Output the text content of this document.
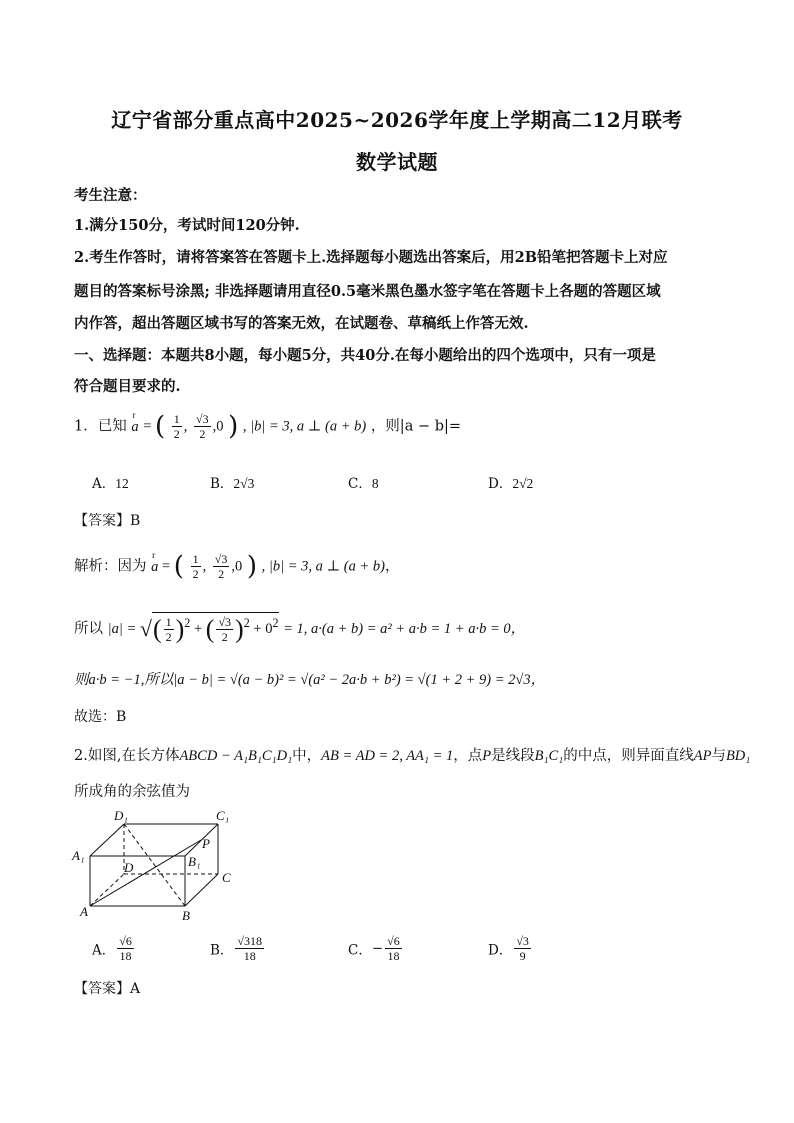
辽宁省部分重点高中2025~2026学年度上学期高二12月联考
数学试题
考生注意：
1.满分150分，考试时间120分钟.
2.考生作答时，请将答案答在答题卡上.选择题每小题选出答案后，用2B铅笔把答题卡上对应
题目的答案标号涂黑; 非选择题请用直径0.5毫米黑色墨水签字笔在答题卡上各题的答题区域
内作答，超出答题区域书写的答案无效，在试题卷、草稿纸上作答无效.
一、选择题：本题共8小题，每小题5分，共40分.在每小题给出的四个选项中，只有一项是
符合题目要求的.
1．已知 r a = ( $\frac{1}{2}$ , $\frac{√3}{2} ,0$ ) , |b| = 3, a ⊥ (a + b) ，则|a − b|=
A．12	B．2√3	C．8	D．2√2
【答案】B
解析：因为 r a = ( $\frac{1}{2}$ , $\frac{√3}{2} ,0$ ) , |b| = 3, a ⊥ (a + b)，
所以 |a| = √( $\frac{1}{2} )^2$ + ( $\frac{√3}{2} )^2 + 0^2 = 1$, a·(a + b) = a² + a·b = 1 + a·b = 0，
则a·b = −1,所以|a − b| = √(a − b)² = √(a² − 2a·b + b²) = √(1 + 2 + 9) = 2√3，
故选：B
2.如图,在长方体ABCD − A₁B₁C₁D₁中，AB = AD = 2, AA₁ = 1，点P是线段B₁C₁的中点，则异面直线AP与BD₁
所成角的余弦值为
D₁	C₁
A₁	B₁
P
D
C
A	B
A． $\frac{√6}{18}$	B． $\frac{√318}{18}$	C．− $\frac{√6}{18}$	D． $\frac{√3}{9}$
【答案】A
